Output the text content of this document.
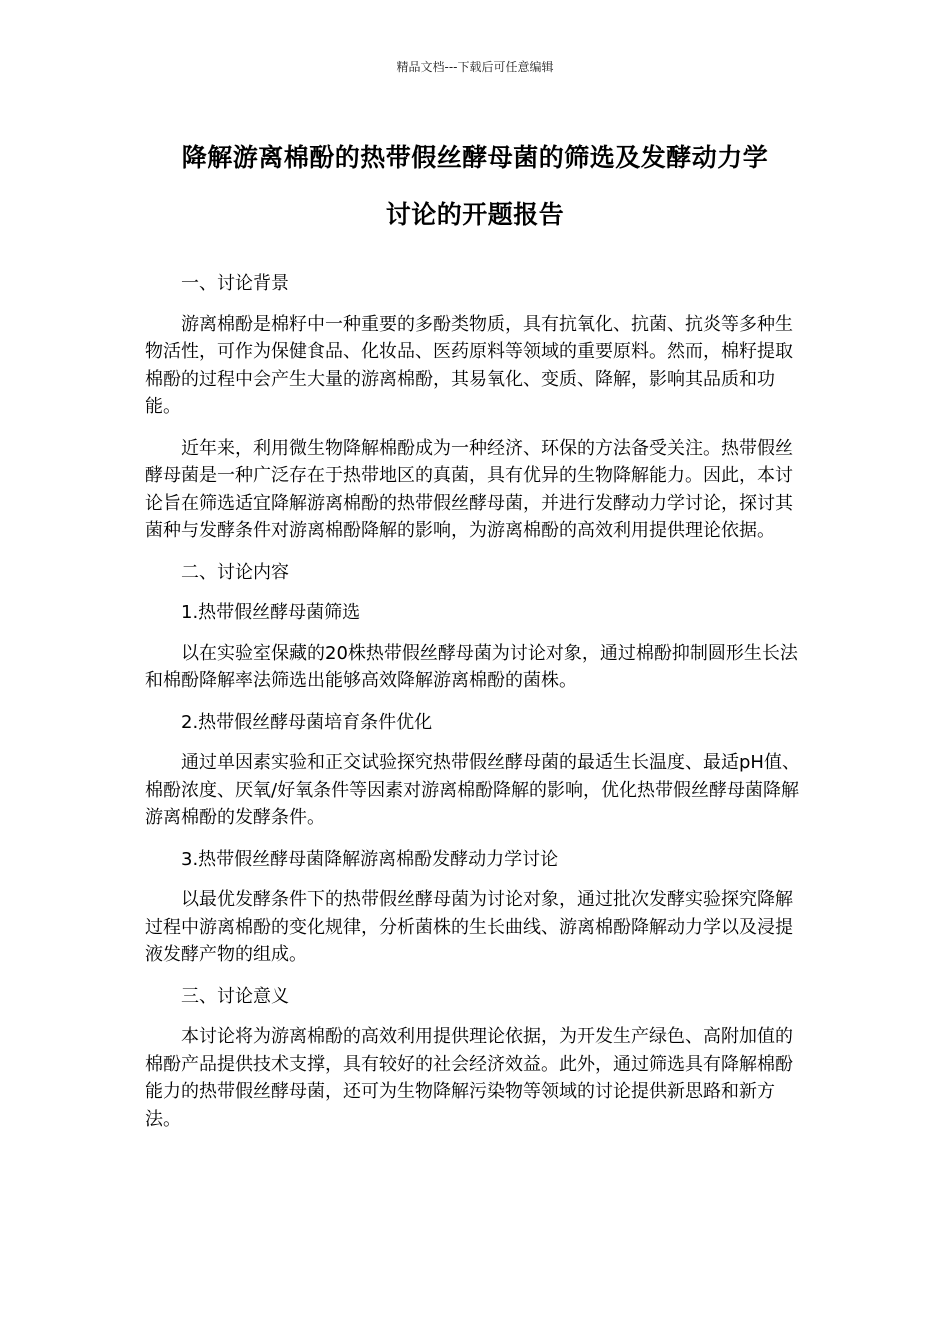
精品文档---下载后可任意编辑
降解游离棉酚的热带假丝酵母菌的筛选及发酵动力学
讨论的开题报告

一、讨论背景

游离棉酚是棉籽中一种重要的多酚类物质，具有抗氧化、抗菌、抗炎等多种生物活性，可作为保健食品、化妆品、医药原料等领域的重要原料。然而，棉籽提取棉酚的过程中会产生大量的游离棉酚，其易氧化、变质、降解，影响其品质和功能。

近年来，利用微生物降解棉酚成为一种经济、环保的方法备受关注。热带假丝酵母菌是一种广泛存在于热带地区的真菌，具有优异的生物降解能力。因此，本讨论旨在筛选适宜降解游离棉酚的热带假丝酵母菌，并进行发酵动力学讨论，探讨其菌种与发酵条件对游离棉酚降解的影响，为游离棉酚的高效利用提供理论依据。

二、讨论内容

1.热带假丝酵母菌筛选

以在实验室保藏的20株热带假丝酵母菌为讨论对象，通过棉酚抑制圆形生长法和棉酚降解率法筛选出能够高效降解游离棉酚的菌株。

2.热带假丝酵母菌培育条件优化

通过单因素实验和正交试验探究热带假丝酵母菌的最适生长温度、最适pH值、棉酚浓度、厌氧/好氧条件等因素对游离棉酚降解的影响，优化热带假丝酵母菌降解游离棉酚的发酵条件。

3.热带假丝酵母菌降解游离棉酚发酵动力学讨论

以最优发酵条件下的热带假丝酵母菌为讨论对象，通过批次发酵实验探究降解过程中游离棉酚的变化规律，分析菌株的生长曲线、游离棉酚降解动力学以及浸提液发酵产物的组成。

三、讨论意义

本讨论将为游离棉酚的高效利用提供理论依据，为开发生产绿色、高附加值的棉酚产品提供技术支撑，具有较好的社会经济效益。此外，通过筛选具有降解棉酚能力的热带假丝酵母菌，还可为生物降解污染物等领域的讨论提供新思路和新方法。
